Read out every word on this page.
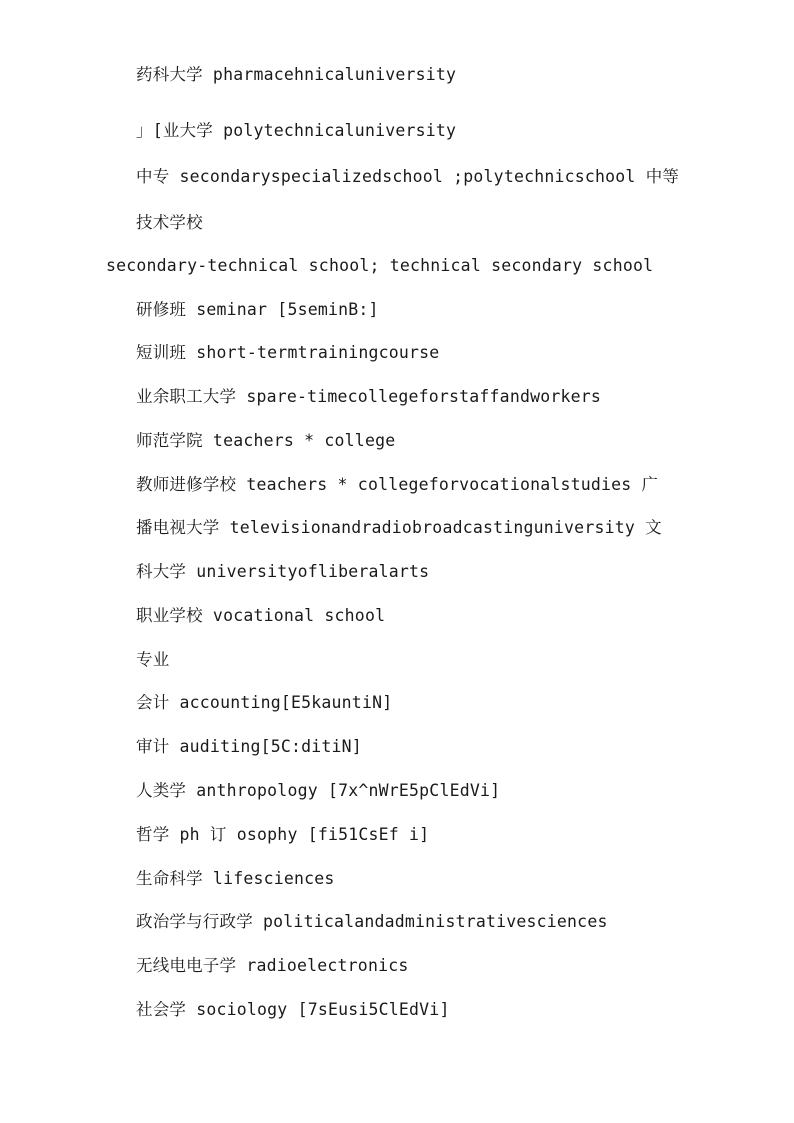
药科大学 pharmacehnicaluniversity
」[业大学 polytechnicaluniversity
中专 secondaryspecializedschool ;polytechnicschool 中等
技术学校
secondary-technical school; technical secondary school
研修班 seminar [5seminB:]
短训班 short-termtrainingcourse
业余职工大学 spare-timecollegeforstaffandworkers
师范学院 teachers * college
教师进修学校 teachers * collegeforvocationalstudies 广
播电视大学 televisionandradiobroadcastinguniversity 文
科大学 universityofliberalarts
职业学校 vocational school
专业
会计 accounting[E5kauntiN]
审计 auditing[5C:ditiN]
人类学 anthropology [7x^nWrE5pClEdVi]
哲学 ph 订 osophy [fi51CsEf i]
生命科学 lifesciences
政治学与行政学 politicalandadministrativesciences
无线电电子学 radioelectronics
社会学 sociology [7sEusi5ClEdVi]
